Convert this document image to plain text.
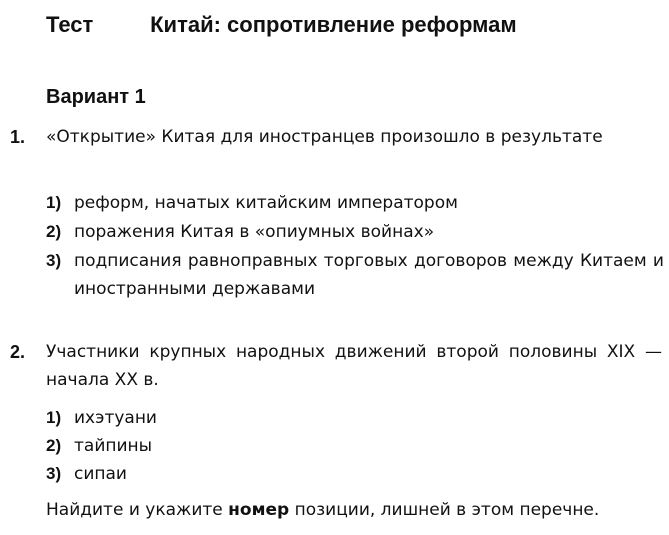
Тест	Китай: сопротивление реформам
Вариант 1
1. «Открытие» Китая для иностранцев произошло в результате
1) реформ, начатых китайским императором
2) поражения Китая в «опиумных войнах»
3) подписания равноправных торговых договоров между Китаем и иностранными державами
2. Участники крупных народных движений второй половины XIX — начала XX в.
1) ихэтуани
2) тайпины
3) сипаи
Найдите и укажите номер позиции, лишней в этом перечне.
